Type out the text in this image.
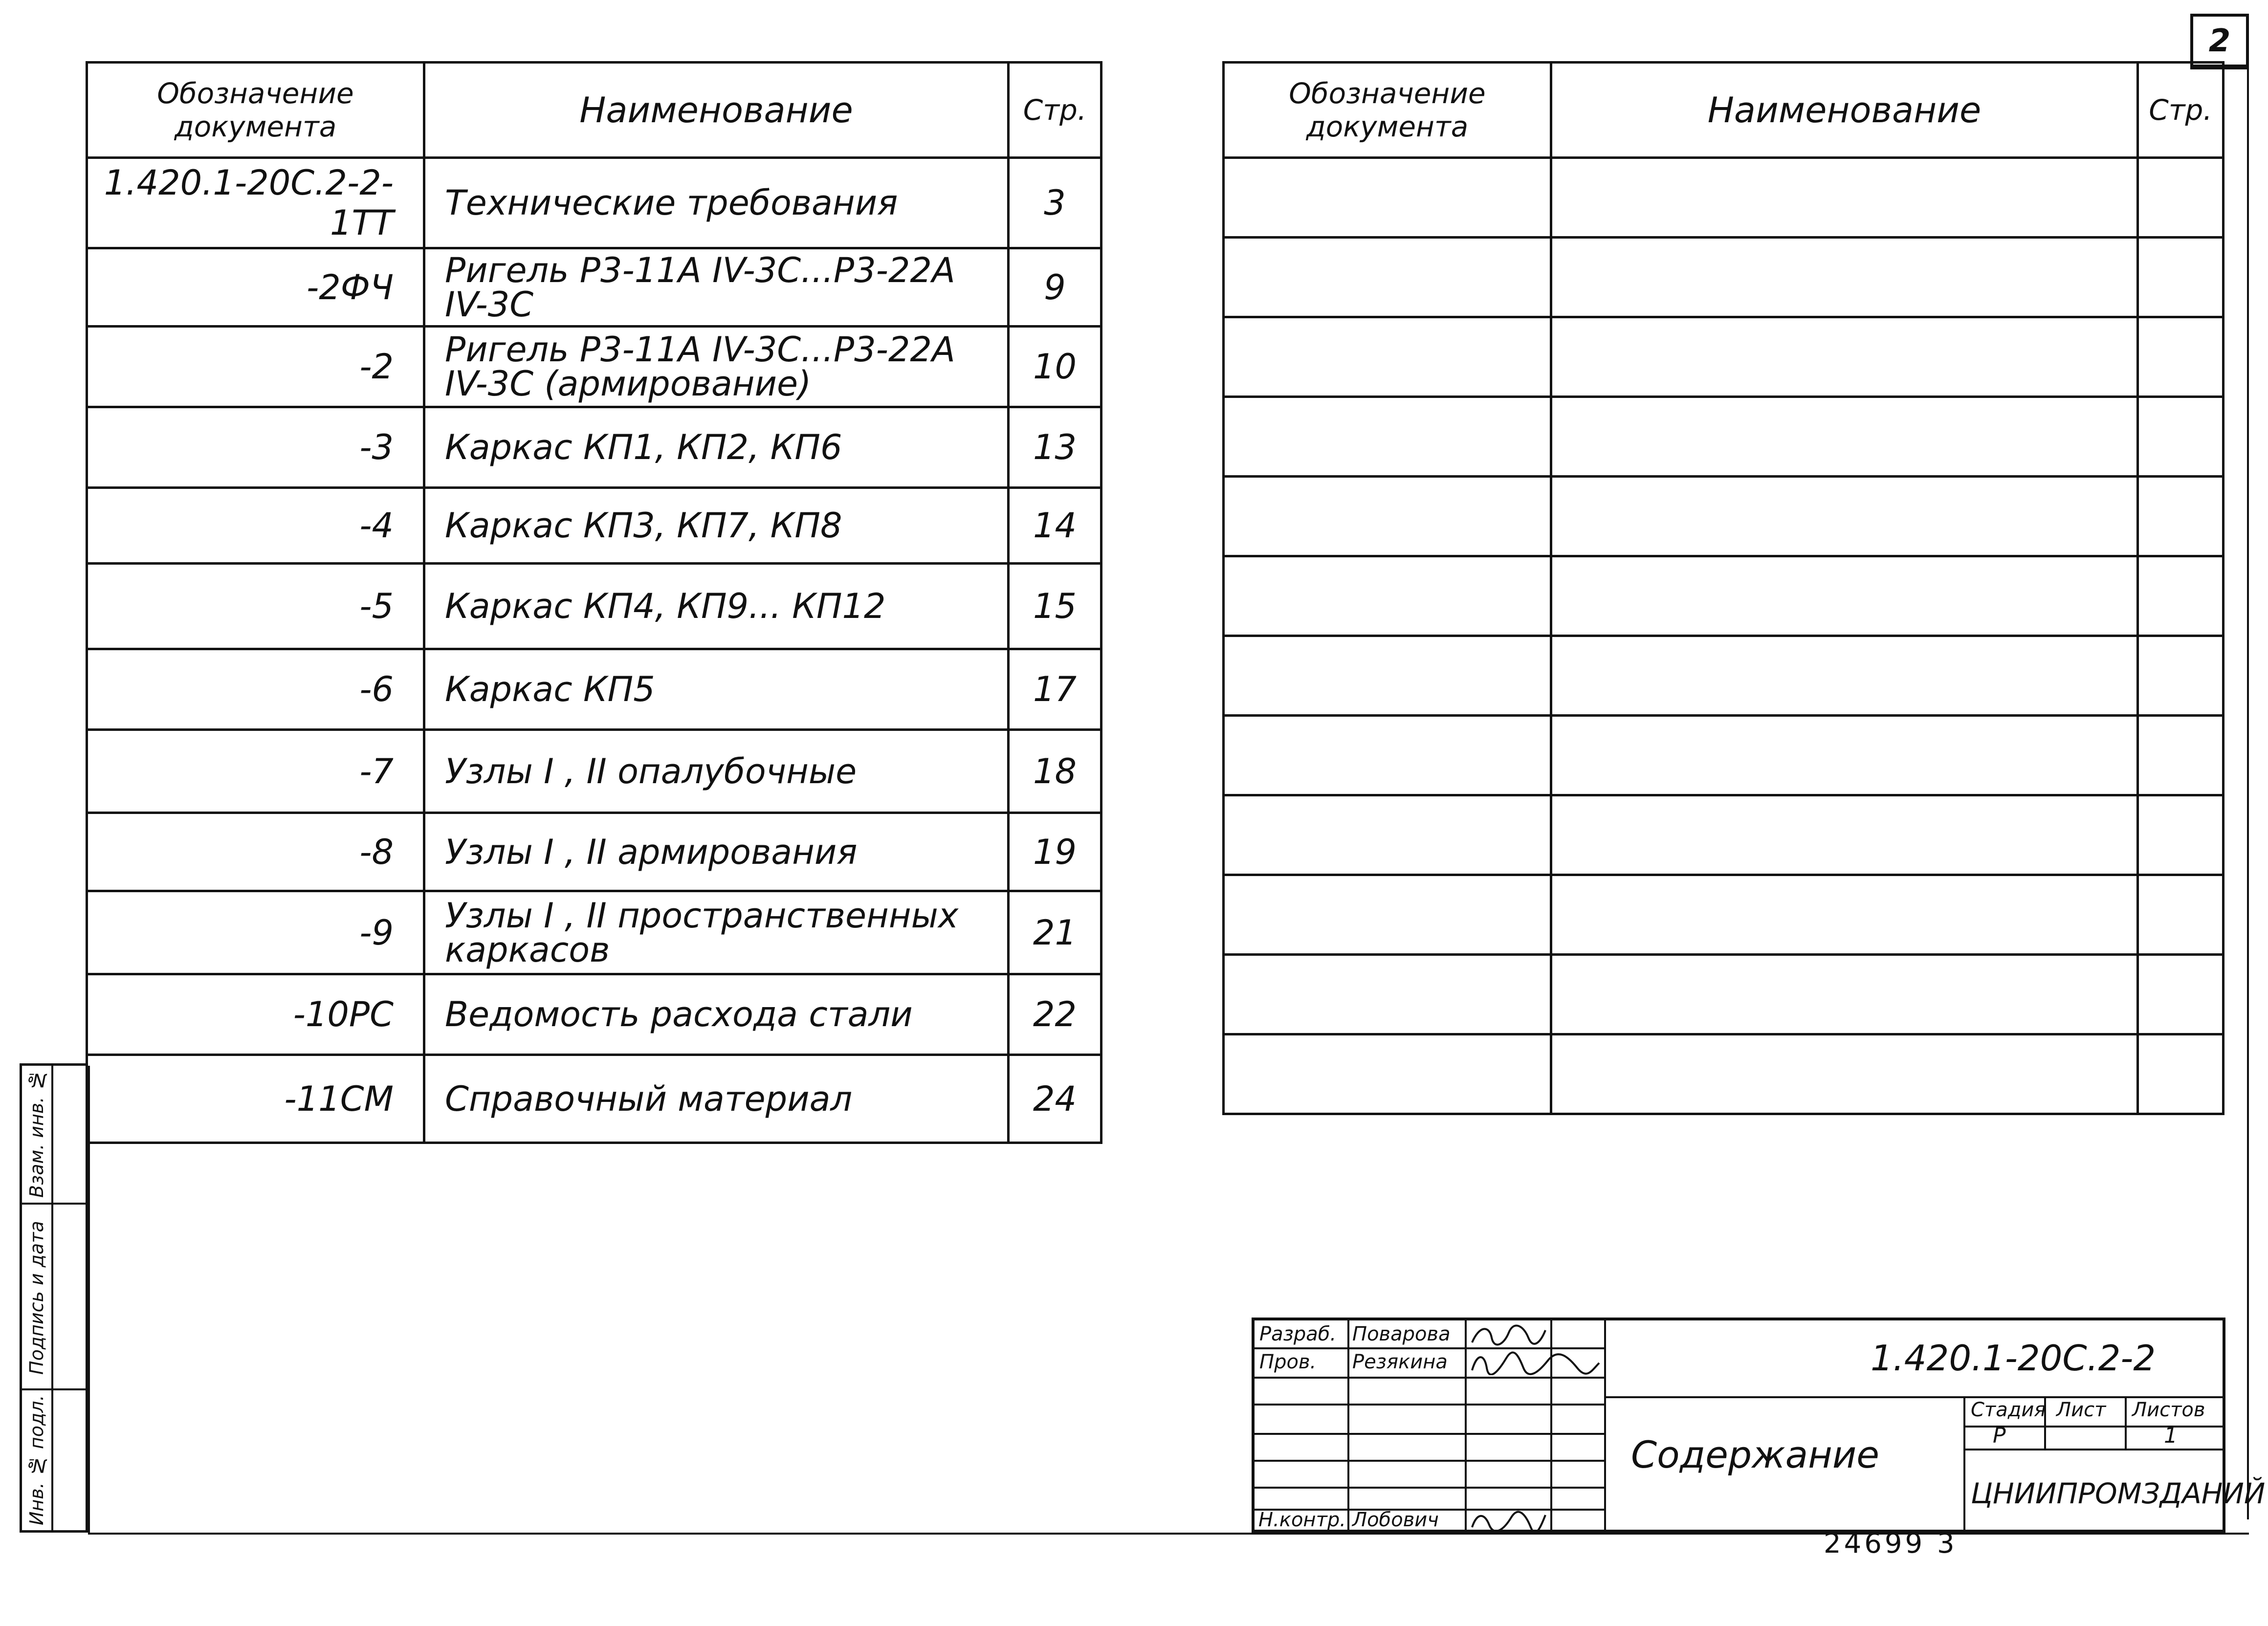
2
Обозначение документа	Наименование	Стр.
1.420.1-20С.2-2-1ТТ	Технические требования	3
-2ФЧ	Ригель Р3-11А IV-3С...Р3-22А IV-3С	9
-2	Ригель Р3-11А IV-3С...Р3-22А IV-3С (армирование)	10
-3	Каркас КП1, КП2, КП6	13
-4	Каркас КП3, КП7, КП8	14
-5	Каркас КП4, КП9... КП12	15
-6	Каркас КП5	17
-7	Узлы I , II опалубочные	18
-8	Узлы I , II армирования	19
-9	Узлы I , II пространственных каркасов	21
-10РС	Ведомость расхода стали	22
-11СМ	Справочный материал	24
Обозначение документа	Наименование	Стр.

Взам. инв. №
Подпись и дата
Инв. № подл.
Разраб. Поварова
Пров. Резякина
Н.контр. Лобович
1.420.1-20С.2-2
Содержание
Стадия Лист Листов
Р	1
ЦНИИПРОМЗДАНИЙ
24699 3
